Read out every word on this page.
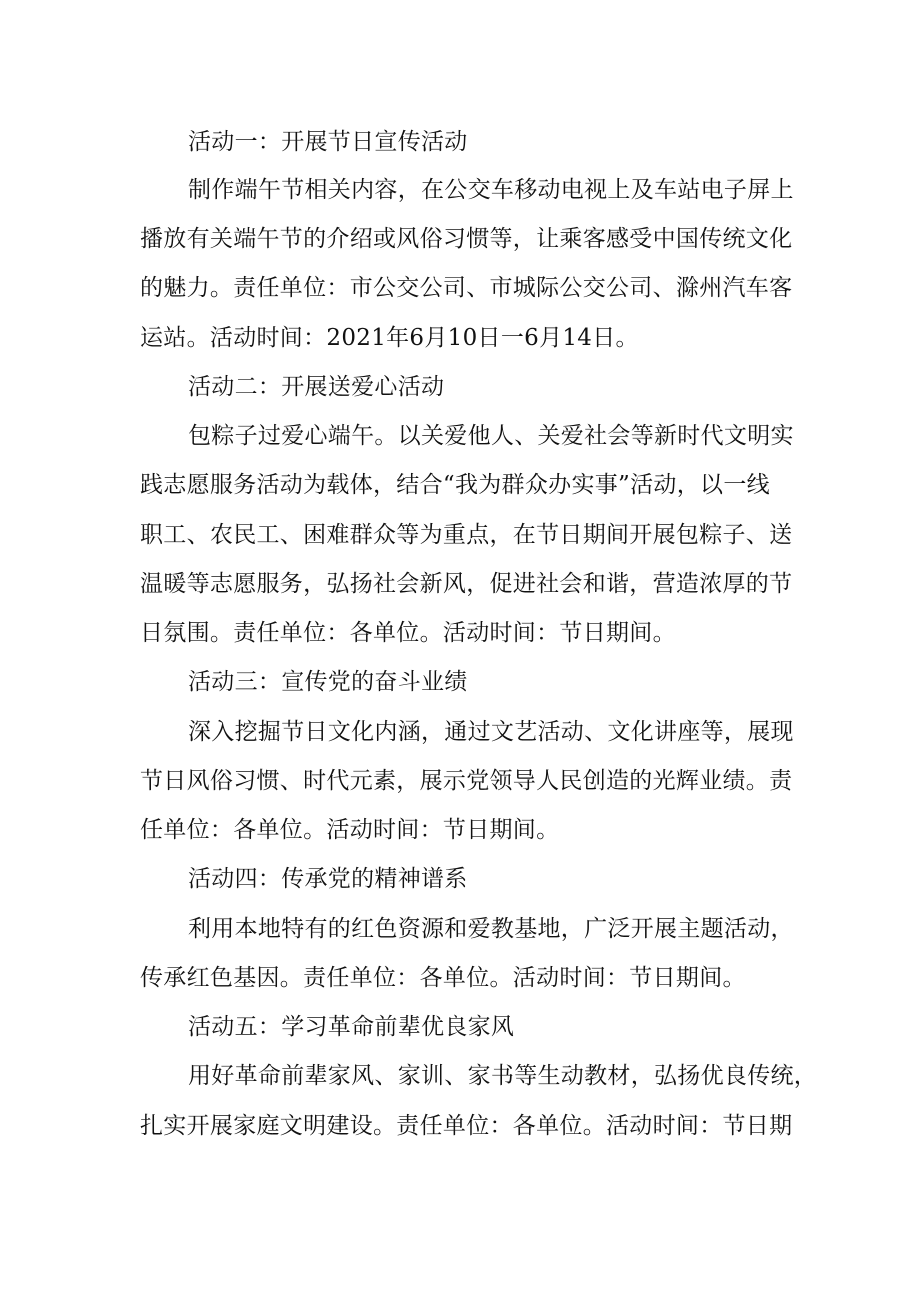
活动一：开展节日宣传活动
制作端午节相关内容，在公交车移动电视上及车站电子屏上
播放有关端午节的介绍或风俗习惯等，让乘客感受中国传统文化
的魅力。责任单位：市公交公司、市城际公交公司、滁州汽车客
运站。活动时间：2021年6月10日一6月14日。
活动二：开展送爱心活动
包粽子过爱心端午。以关爱他人、关爱社会等新时代文明实
践志愿服务活动为载体，结合“我为群众办实事”活动，以一线
职工、农民工、困难群众等为重点，在节日期间开展包粽子、送
温暖等志愿服务，弘扬社会新风，促进社会和谐，营造浓厚的节
日氛围。责任单位：各单位。活动时间：节日期间。
活动三：宣传党的奋斗业绩
深入挖掘节日文化内涵，通过文艺活动、文化讲座等，展现
节日风俗习惯、时代元素，展示党领导人民创造的光辉业绩。责
任单位：各单位。活动时间：节日期间。
活动四：传承党的精神谱系
利用本地特有的红色资源和爱教基地，广泛开展主题活动，
传承红色基因。责任单位：各单位。活动时间：节日期间。
活动五：学习革命前辈优良家风
用好革命前辈家风、家训、家书等生动教材，弘扬优良传统，
扎实开展家庭文明建设。责任单位：各单位。活动时间：节日期
